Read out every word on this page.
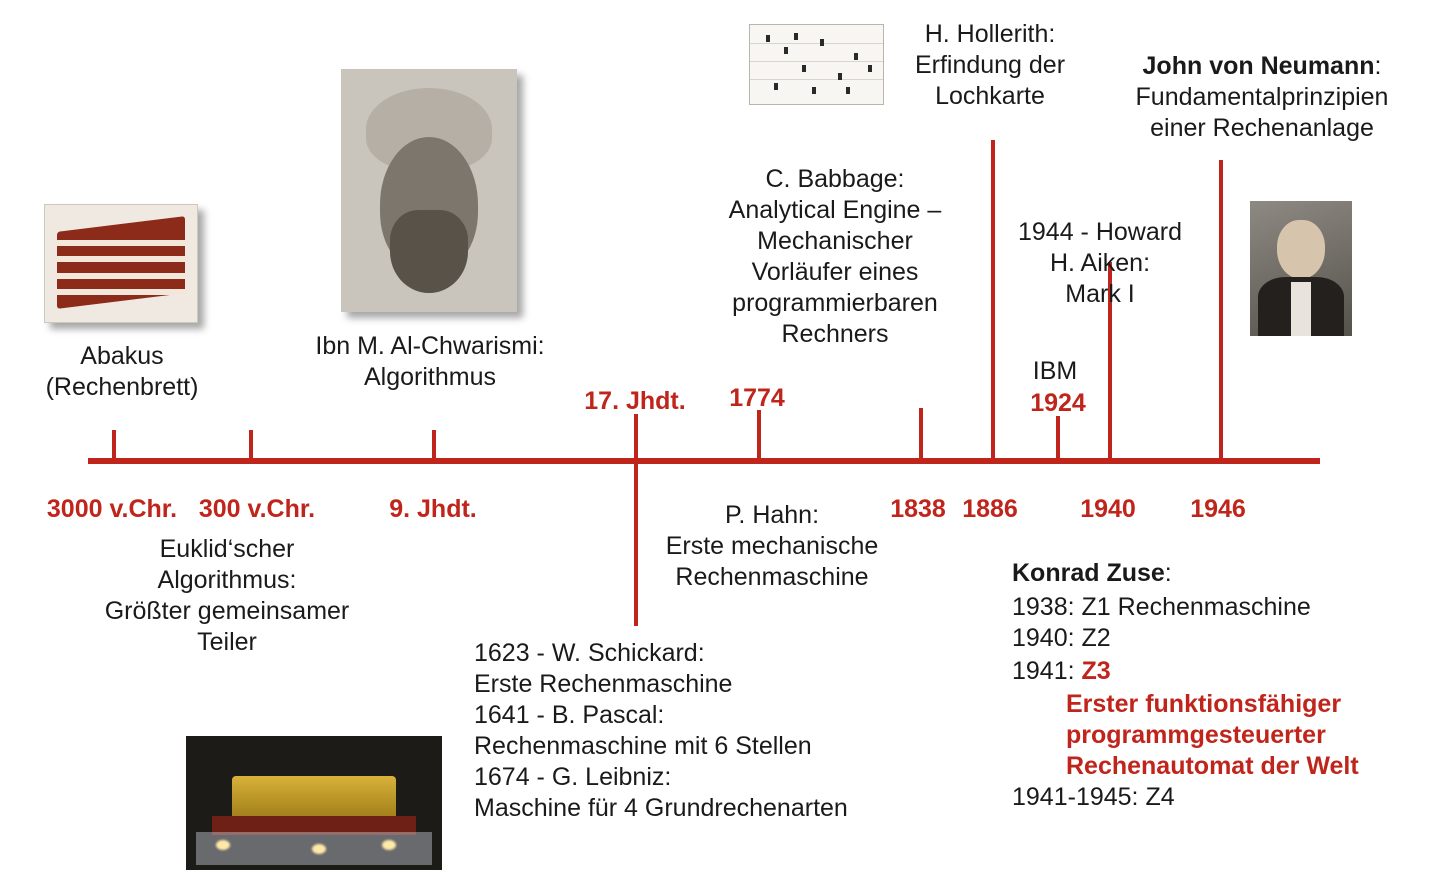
3000 v.Chr. 300 v.Chr.	9. Jhdt.	1838 1886	1940	1946
17. Jhdt.	1774	1924
Abakus
(Rechenbrett)
Euklid‘scher
Algorithmus:
Größter gemeinsamer
Teiler
Ibn M. Al-Chwarismi:
Algorithmus
1623 - W. Schickard:
Erste Rechenmaschine
1641 - B. Pascal:
Rechenmaschine mit 6 Stellen
1674 - G. Leibniz:
Maschine für 4 Grundrechenarten
P. Hahn:
Erste mechanische
Rechenmaschine
C. Babbage:
Analytical Engine –
Mechanischer
Vorläufer eines
programmierbaren
Rechners
H. Hollerith:
Erfindung der
Lochkarte
IBM
1944 - Howard
H. Aiken:
Mark I
John von Neumann:
Fundamentalprinzipien
einer Rechenanlage
Konrad Zuse:
1938: Z1 Rechenmaschine
1940: Z2
1941: Z3
Erster funktionsfähiger
programmgesteuerter
Rechenautomat der Welt
1941-1945: Z4
